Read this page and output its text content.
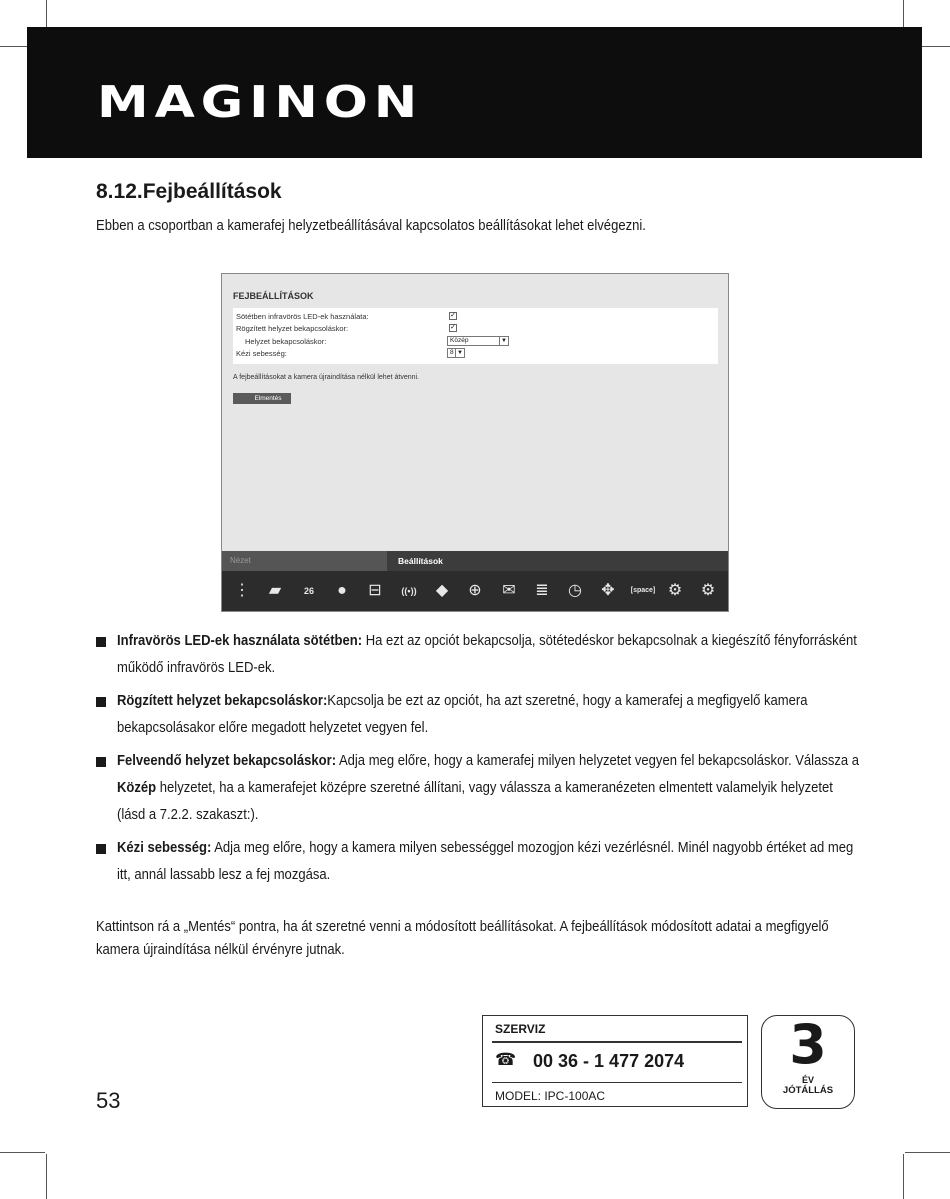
MAGINON
8.12.Fejbeállítások

Ebben a csoportban a kamerafej helyzetbeállításával kapcsolatos beállításokat lehet elvégezni.

FEJBEÁLLÍTÁSOK
Sötétben infravörös LED-ek használata:	✓
Rögzített helyzet bekapcsoláskor:	✓
Helyzet bekapcsoláskor:	Közép	▼
Kézi sebesség:	8 ▼
A fejbeállításokat a kamera újraindítása nélkül lehet átvenni.
Elmentés
Nézet	Beállítások
⋮	▰	26	●	⊟	((•))	◆	⊕	✉	≣	◷	✥	[space] ⚙	⚙
Infravörös LED-ek használata sötétben: Ha ezt az opciót bekapcsolja, sötétedéskor bekapcsolnak a kiegészítő fényforrásként működő infravörös LED-ek.
Rögzített helyzet bekapcsoláskor:Kapcsolja be ezt az opciót, ha azt szeretné, hogy a kamerafej a megfigyelő kamera bekapcsolásakor előre megadott helyzetet vegyen fel.
Felveendő helyzet bekapcsoláskor: Adja meg előre, hogy a kamerafej milyen helyzetet vegyen fel bekapcsoláskor. Válassza a Közép helyzetet, ha a kamerafejet középre szeretné állítani, vagy válassza a kameranézeten elmentett valamelyik helyzetet (lásd a 7.2.2. szakaszt:).
Kézi sebesség: Adja meg előre, hogy a kamera milyen sebességgel mozogjon kézi vezérlésnél. Minél nagyobb értéket ad meg itt, annál lassabb lesz a fej mozgása.

Kattintson rá a „Mentés“ pontra, ha át szeretné venni a módosított beállításokat. A fejbeállítások módosított adatai a megfigyelő kamera újraindítása nélkül érvényre jutnak.

53
SZERVIZ
☎ 00 36 - 1 477 2074
MODEL: IPC-100AC
3
ÉV
JÓTÁLLÁS
